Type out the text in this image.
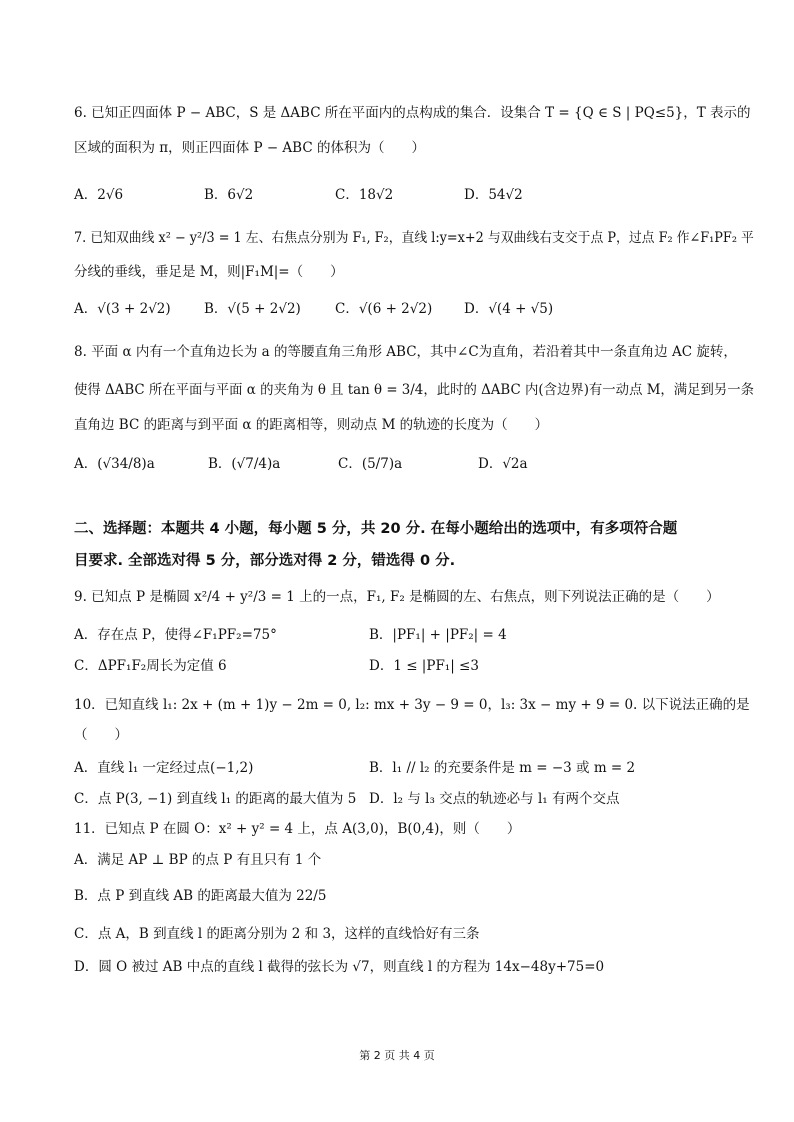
6. 已知正四面体 P − ABC，S 是 ΔABC 所在平面内的点构成的集合．设集合 T = {Q ∈ S | PQ≤5}，T 表示的
区域的面积为 π，则正四面体 P − ABC 的体积为（　　）
A．2√6	B．6√2	C．18√2	D．54√2
7. 已知双曲线 x² − y²/3 = 1 左、右焦点分别为 F₁, F₂，直线 l:y=x+2 与双曲线右支交于点 P，过点 F₂ 作∠F₁PF₂ 平
分线的垂线，垂足是 M，则|F₁M|=（　　）
A．√(3 + 2√2) B．√(5 + 2√2)	C．√(6 + 2√2) D．√(4 + √5)
8. 平面 α 内有一个直角边长为 a 的等腰直角三角形 ABC，其中∠C为直角，若沿着其中一条直角边 AC 旋转，
使得 ΔABC 所在平面与平面 α 的夹角为 θ 且 tan θ = 3/4，此时的 ΔABC 内(含边界)有一动点 M，满足到另一条
直角边 BC 的距离与到平面 α 的距离相等，则动点 M 的轨迹的长度为（　　）
A．(√34/8)a	B．(√7/4)a	C．(5/7)a	D．√2a
二、选择题：本题共 4 小题，每小题 5 分，共 20 分. 在每小题给出的选项中，有多项符合题
目要求. 全部选对得 5 分，部分选对得 2 分，错选得 0 分.
9. 已知点 P 是椭圆 x²/4 + y²/3 = 1 上的一点，F₁, F₂ 是椭圆的左、右焦点，则下列说法正确的是（　　）
A．存在点 P，使得∠F₁PF₂=75°	B．|PF₁| + |PF₂| = 4
C．ΔPF₁F₂周长为定值 6	D．1 ≤ |PF₁| ≤3
10．已知直线 l₁: 2x + (m + 1)y − 2m = 0, l₂: mx + 3y − 9 = 0，l₃: 3x − my + 9 = 0. 以下说法正确的是
（　　）
A．直线 l₁ 一定经过点(−1,2)	B．l₁ // l₂ 的充要条件是 m = −3 或 m = 2
C．点 P(3, −1) 到直线 l₁ 的距离的最大值为 5 D．l₂ 与 l₃ 交点的轨迹必与 l₁ 有两个交点
11．已知点 P 在圆 O：x² + y² = 4 上，点 A(3,0)，B(0,4)，则（　　）
A．满足 AP ⊥ BP 的点 P 有且只有 1 个
B．点 P 到直线 AB 的距离最大值为 22/5
C．点 A，B 到直线 l 的距离分别为 2 和 3，这样的直线恰好有三条
D．圆 O 被过 AB 中点的直线 l 截得的弦长为 √7，则直线 l 的方程为 14x−48y+75=0
第 2 页 共 4 页
